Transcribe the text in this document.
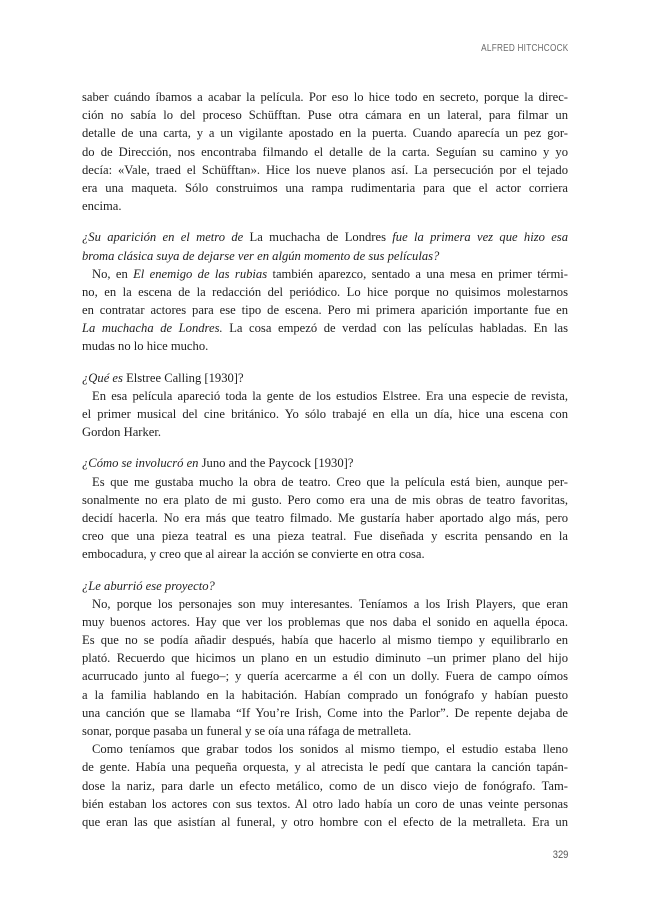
ALFRED HITCHCOCK
saber cuándo íbamos a acabar la película. Por eso lo hice todo en secreto, porque la direc-
ción no sabía lo del proceso Schüfftan. Puse otra cámara en un lateral, para filmar un
detalle de una carta, y a un vigilante apostado en la puerta. Cuando aparecía un pez gor-
do de Dirección, nos encontraba filmando el detalle de la carta. Seguían su camino y yo
decía: «Vale, traed el Schüfftan». Hice los nueve planos así. La persecución por el tejado
era una maqueta. Sólo construimos una rampa rudimentaria para que el actor corriera
encima.
¿Su aparición en el metro de La muchacha de Londres fue la primera vez que hizo esa
broma clásica suya de dejarse ver en algún momento de sus películas?
No, en El enemigo de las rubias también aparezco, sentado a una mesa en primer térmi-
no, en la escena de la redacción del periódico. Lo hice porque no quisimos molestarnos
en contratar actores para ese tipo de escena. Pero mi primera aparición importante fue en
La muchacha de Londres. La cosa empezó de verdad con las películas habladas. En las
mudas no lo hice mucho.
¿Qué es Elstree Calling [1930]?
En esa película apareció toda la gente de los estudios Elstree. Era una especie de revista,
el primer musical del cine británico. Yo sólo trabajé en ella un día, hice una escena con
Gordon Harker.
¿Cómo se involucró en Juno and the Paycock [1930]?
Es que me gustaba mucho la obra de teatro. Creo que la película está bien, aunque per-
sonalmente no era plato de mi gusto. Pero como era una de mis obras de teatro favoritas,
decidí hacerla. No era más que teatro filmado. Me gustaría haber aportado algo más, pero
creo que una pieza teatral es una pieza teatral. Fue diseñada y escrita pensando en la
embocadura, y creo que al airear la acción se convierte en otra cosa.
¿Le aburrió ese proyecto?
No, porque los personajes son muy interesantes. Teníamos a los Irish Players, que eran
muy buenos actores. Hay que ver los problemas que nos daba el sonido en aquella época.
Es que no se podía añadir después, había que hacerlo al mismo tiempo y equilibrarlo en
plató. Recuerdo que hicimos un plano en un estudio diminuto –un primer plano del hijo
acurrucado junto al fuego–; y quería acercarme a él con un dolly. Fuera de campo oímos
a la familia hablando en la habitación. Habían comprado un fonógrafo y habían puesto
una canción que se llamaba “If You’re Irish, Come into the Parlor”. De repente dejaba de
sonar, porque pasaba un funeral y se oía una ráfaga de metralleta.
Como teníamos que grabar todos los sonidos al mismo tiempo, el estudio estaba lleno
de gente. Había una pequeña orquesta, y al atrecista le pedí que cantara la canción tapán-
dose la nariz, para darle un efecto metálico, como de un disco viejo de fonógrafo. Tam-
bién estaban los actores con sus textos. Al otro lado había un coro de unas veinte personas
que eran las que asistían al funeral, y otro hombre con el efecto de la metralleta. Era un
329
